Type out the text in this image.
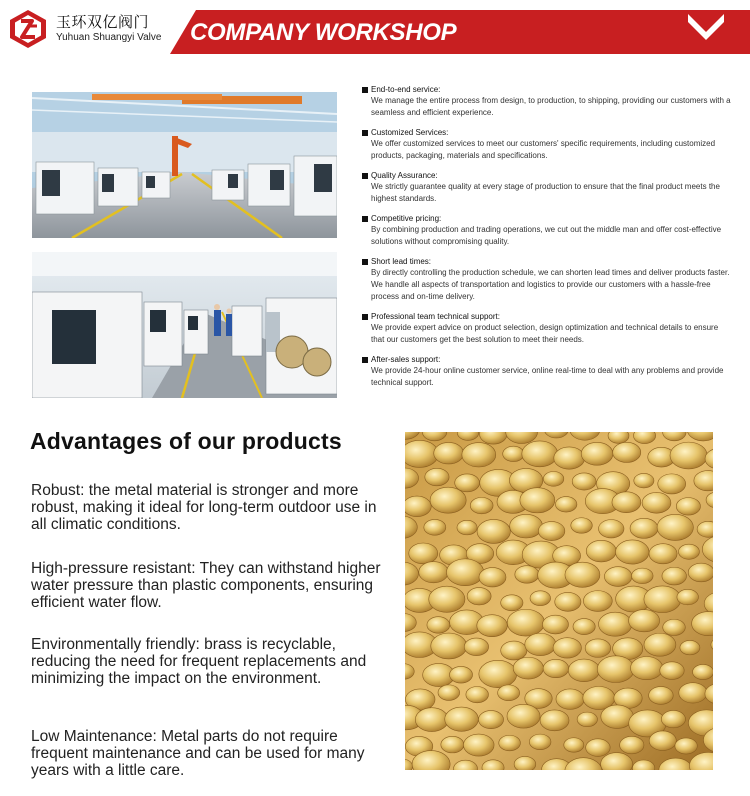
玉环双亿阀门
Yuhuan Shuangyi Valve COMPANY WORKSHOP
End-to-end service:
We manage the entire process from design, to production, to shipping, providing our customers with a seamless and efficient experience.
Customized Services:
We offer customized services to meet our customers' specific requirements, including customized products, packaging, materials and specifications.
Quality Assurance:
We strictly guarantee quality at every stage of production to ensure that the final product meets the highest standards.
Competitive pricing:
By combining production and trading operations, we cut out the middle man and offer cost-effective solutions without compromising quality.
Short lead times:
By directly controlling the production schedule, we can shorten lead times and deliver products faster. We handle all aspects of transportation and logistics to provide our customers with a hassle-free process and on-time delivery.
Professional team technical support:
We provide expert advice on product selection, design optimization and technical details to ensure that our customers get the best solution to meet their needs.
After-sales support:
We provide 24-hour online customer service, online real-time to deal with any problems and provide technical support.
Advantages of our products
Robust: the metal material is stronger and more robust, making it ideal for long-term outdoor use in all climatic conditions.
High-pressure resistant: They can withstand higher water pressure than plastic components, ensuring efficient water flow.
Environmentally friendly: brass is recyclable, reducing the need for frequent replacements and minimizing the impact on the environment.
Low Maintenance: Metal parts do not require frequent maintenance and can be used for many years with a little care.
